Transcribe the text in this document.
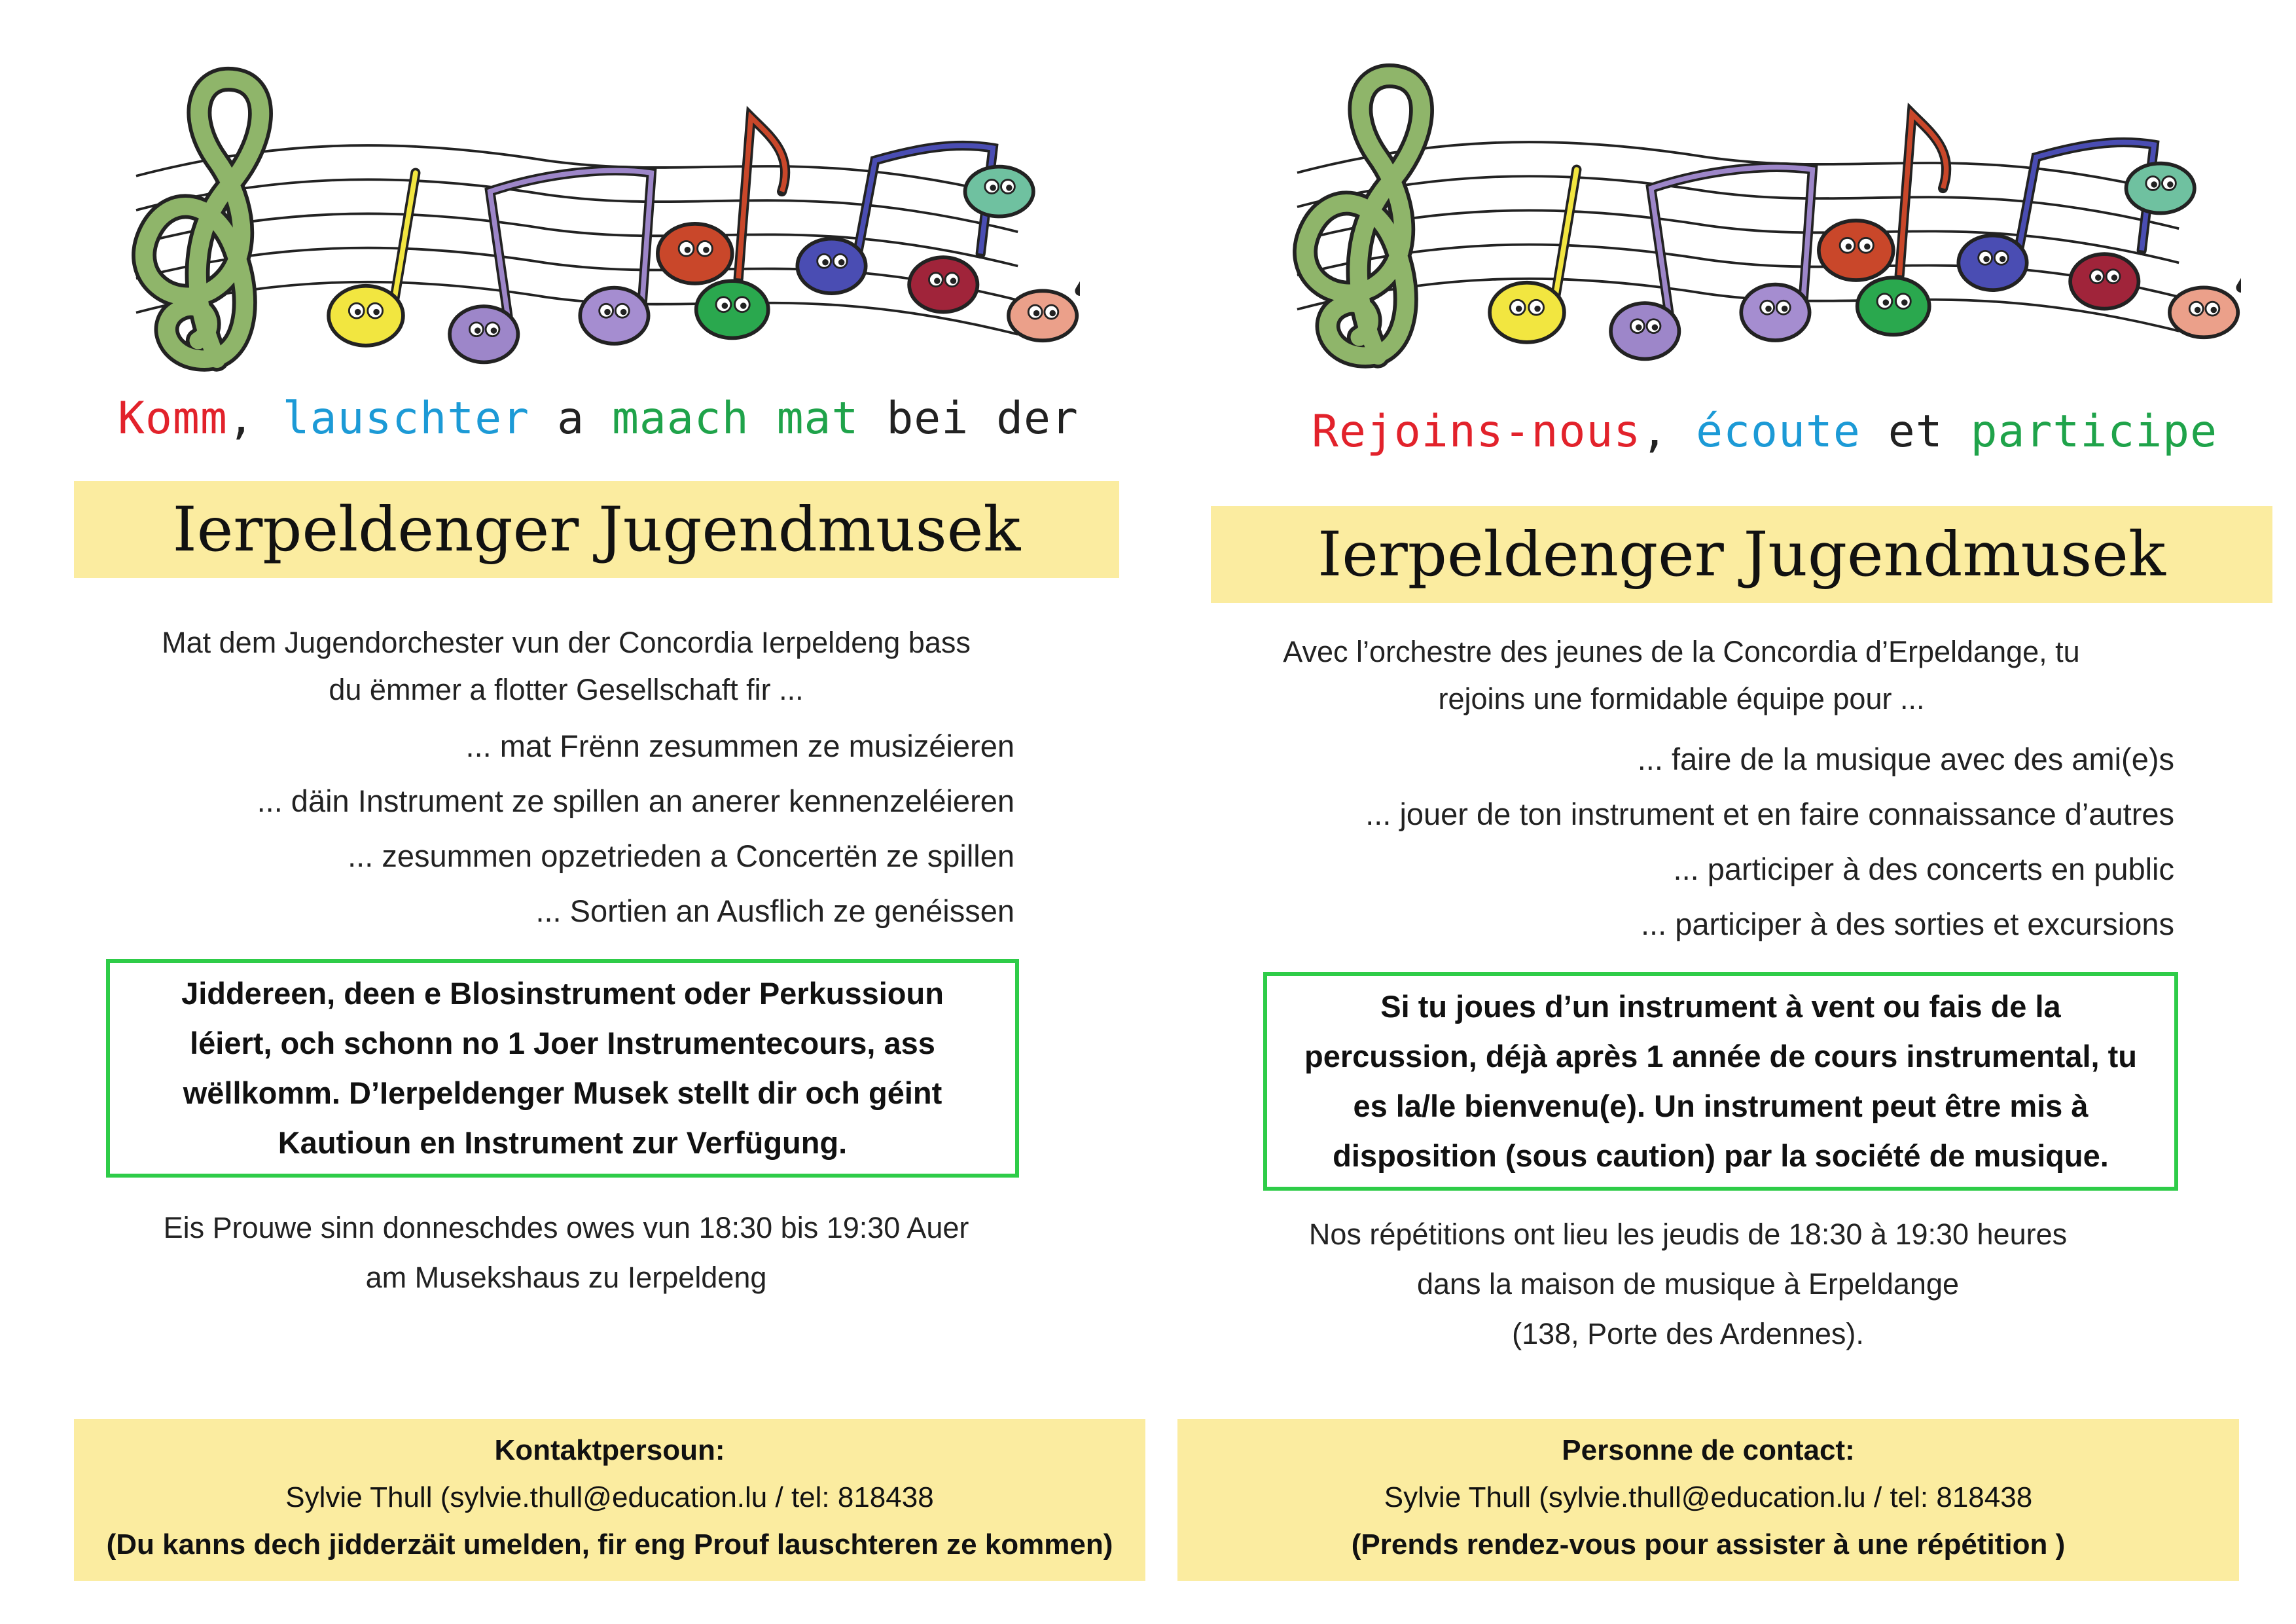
Komm, lauschter a maach mat bei der
Ierpeldenger Jugendmusek
Mat dem Jugendorchester vun der Concordia Ierpeldeng bass
du ëmmer a flotter Gesellschaft fir ...
... mat Frënn zesummen ze musizéieren
... däin Instrument ze spillen an anerer kennenzeléieren
... zesummen opzetrieden a Concertën ze spillen
... Sortien an Ausflich ze genéissen
Jiddereen, deen e Blosinstrument oder Perkussioun
léiert, och schonn no 1 Joer Instrumentecours, ass
wëllkomm. D’Ierpeldenger Musek stellt dir och géint
Kautioun en Instrument zur Verfügung.
Eis Prouwe sinn donneschdes owes vun 18:30 bis 19:30 Auer
am Musekshaus zu Ierpeldeng
Kontaktpersoun:
Sylvie Thull (sylvie.thull@education.lu / tel: 818438
(Du kanns dech jidderzäit umelden, fir eng Prouf lauschteren ze kommen)
Rejoins-nous, écoute et participe
Ierpeldenger Jugendmusek
Avec l’orchestre des jeunes de la Concordia d’Erpeldange, tu
rejoins une formidable équipe pour ...
... faire de la musique avec des ami(e)s
... jouer de ton instrument et en faire connaissance d’autres
... participer à des concerts en public
... participer à des sorties et excursions
Si tu joues d’un instrument à vent ou fais de la
percussion, déjà après 1 année de cours instrumental, tu
es la/le bienvenu(e). Un instrument peut être mis à
disposition (sous caution) par la société de musique.
Nos répétitions ont lieu les jeudis de 18:30 à 19:30 heures
dans la maison de musique à Erpeldange
(138, Porte des Ardennes).
Personne de contact:
Sylvie Thull (sylvie.thull@education.lu / tel: 818438
(Prends rendez-vous pour assister à une répétition )
